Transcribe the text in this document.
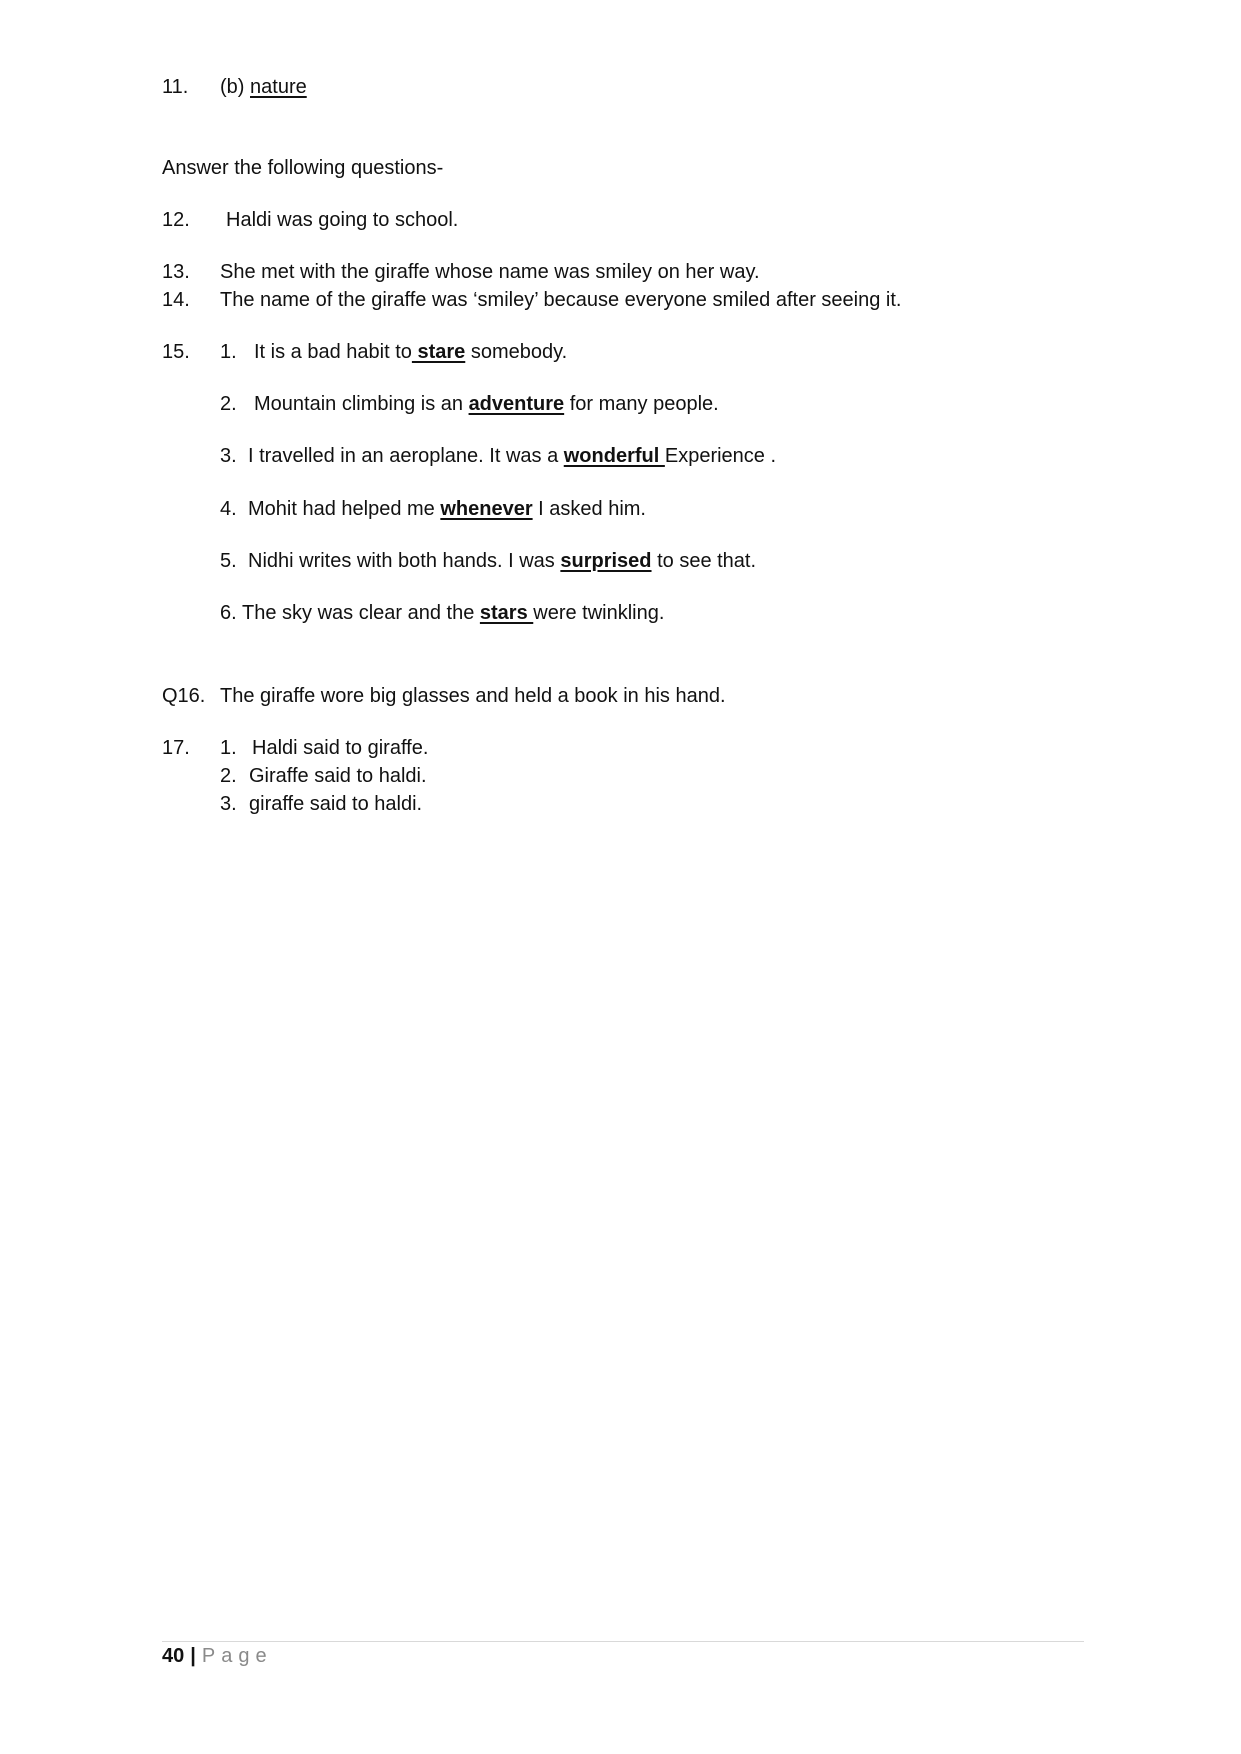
11. (b) nature
Answer the following questions-
12. Haldi was going to school.
13. She met with the giraffe whose name was smiley on her way.
14. The name of the giraffe was ‘smiley’ because everyone smiled after seeing it.
15. 1. It is a bad habit to stare somebody.
2. Mountain climbing is an adventure for many people.
3. I travelled in an aeroplane. It was a wonderful Experience .
4. Mohit had helped me whenever I asked him.
5. Nidhi writes with both hands. I was surprised to see that.
6. The sky was clear and the stars were twinkling.
Q16. The giraffe wore big glasses and held a book in his hand.
17. 1. Haldi said to giraffe.
2. Giraffe said to haldi.
3. giraffe said to haldi.
40 | Page
